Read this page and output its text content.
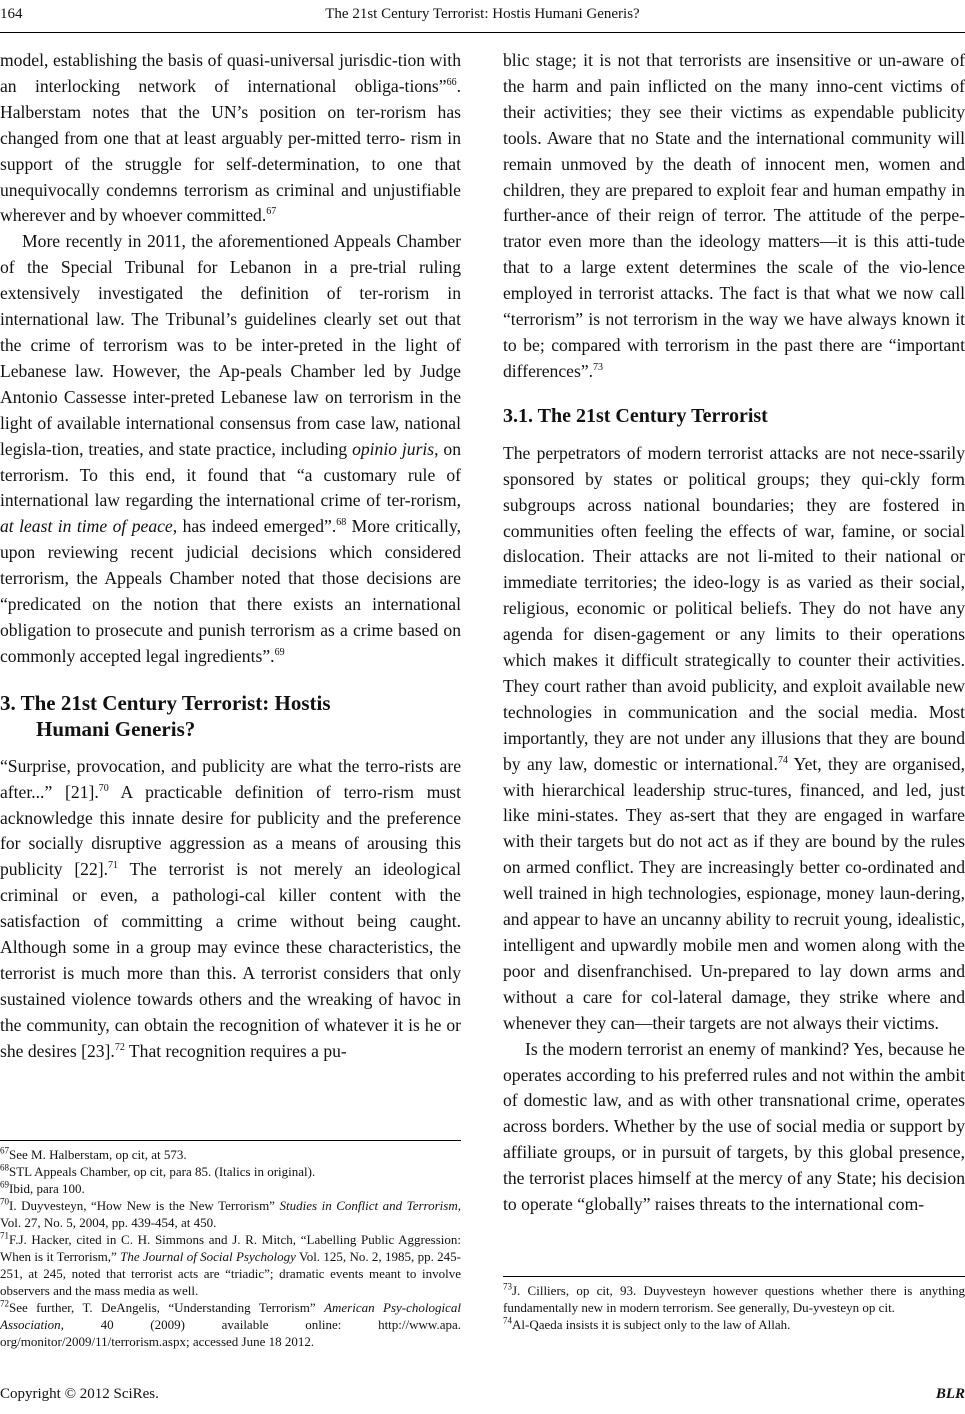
164	The 21st Century Terrorist: Hostis Humani Generis?

model, establishing the basis of quasi-universal jurisdic-tion with an interlocking network of international obliga-tions”$^{66}$. Halberstam notes that the UN’s position on ter-rorism has changed from one that at least arguably per-mitted terro- rism in support of the struggle for self-determination, to one that unequivocally condemns terrorism as criminal and unjustifiable wherever and by whoever committed.$^{67}$

More recently in 2011, the aforementioned Appeals Chamber of the Special Tribunal for Lebanon in a pre-trial ruling extensively investigated the definition of ter-rorism in international law. The Tribunal’s guidelines clearly set out that the crime of terrorism was to be inter-preted in the light of Lebanese law. However, the Ap-peals Chamber led by Judge Antonio Cassesse inter-preted Lebanese law on terrorism in the light of available international consensus from case law, national legisla-tion, treaties, and state practice, including opinio juris, on terrorism. To this end, it found that “a customary rule of international law regarding the international crime of ter-rorism, at least in time of peace, has indeed emerged”.$^{68}$ More critically, upon reviewing recent judicial decisions which considered terrorism, the Appeals Chamber noted that those decisions are “predicated on the notion that there exists an international obligation to prosecute and punish terrorism as a crime based on commonly accepted legal ingredients”.$^{69}$

3. The 21st Century Terrorist: Hostis
Humani Generis?

“Surprise, provocation, and publicity are what the terro-rists are after...” [21].$^{70}$ A practicable definition of terro-rism must acknowledge this innate desire for publicity and the preference for socially disruptive aggression as a means of arousing this publicity [22].$^{71}$ The terrorist is not merely an ideological criminal or even, a pathologi-cal killer content with the satisfaction of committing a crime without being caught. Although some in a group may evince these characteristics, the terrorist is much more than this. A terrorist considers that only sustained violence towards others and the wreaking of havoc in the community, can obtain the recognition of whatever it is he or she desires [23].$^{72}$ That recognition requires a pu-

$^{67}$See M. Halberstam, op cit, at 573.

$^{68}$STL Appeals Chamber, op cit, para 85. (Italics in original).

$^{69}$Ibid, para 100.

$^{70}$I. Duyvesteyn, “How New is the New Terrorism” Studies in Conflict and Terrorism, Vol. 27, No. 5, 2004, pp. 439-454, at 450.

$^{71}$F.J. Hacker, cited in C. H. Simmons and J. R. Mitch, “Labelling Public Aggression: When is it Terrorism,” The Journal of Social Psychology Vol. 125, No. 2, 1985, pp. 245-251, at 245, noted that terrorist acts are “triadic”; dramatic events meant to involve observers and the mass media as well.

$^{72}$See further, T. DeAngelis, “Understanding Terrorism” American Psy-chological Association, 40 (2009) available online: http://www.apa. org/monitor/2009/11/terrorism.aspx; accessed June 18 2012.

blic stage; it is not that terrorists are insensitive or un-aware of the harm and pain inflicted on the many inno-cent victims of their activities; they see their victims as expendable publicity tools. Aware that no State and the international community will remain unmoved by the death of innocent men, women and children, they are prepared to exploit fear and human empathy in further-ance of their reign of terror. The attitude of the perpe-trator even more than the ideology matters—it is this atti-tude that to a large extent determines the scale of the vio-lence employed in terrorist attacks. The fact is that what we now call “terrorism” is not terrorism in the way we have always known it to be; compared with terrorism in the past there are “important differences”.$^{73}$

3.1. The 21st Century Terrorist

The perpetrators of modern terrorist attacks are not nece-ssarily sponsored by states or political groups; they qui-ckly form subgroups across national boundaries; they are fostered in communities often feeling the effects of war, famine, or social dislocation. Their attacks are not li-mited to their national or immediate territories; the ideo-logy is as varied as their social, religious, economic or political beliefs. They do not have any agenda for disen-gagement or any limits to their operations which makes it difficult strategically to counter their activities. They court rather than avoid publicity, and exploit available new technologies in communication and the social media. Most importantly, they are not under any illusions that they are bound by any law, domestic or international.$^{74}$ Yet, they are organised, with hierarchical leadership struc-tures, financed, and led, just like mini-states. They as-sert that they are engaged in warfare with their targets but do not act as if they are bound by the rules on armed conflict. They are increasingly better co-ordinated and well trained in high technologies, espionage, money laun-dering, and appear to have an uncanny ability to recruit young, idealistic, intelligent and upwardly mobile men and women along with the poor and disenfranchised. Un-prepared to lay down arms and without a care for col-lateral damage, they strike where and whenever they can—their targets are not always their victims.

Is the modern terrorist an enemy of mankind? Yes, because he operates according to his preferred rules and not within the ambit of domestic law, and as with other transnational crime, operates across borders. Whether by the use of social media or support by affiliate groups, or in pursuit of targets, by this global presence, the terrorist places himself at the mercy of any State; his decision to operate “globally” raises threats to the international com-

$^{73}$J. Cilliers, op cit, 93. Duyvesteyn however questions whether there is anything fundamentally new in modern terrorism. See generally, Du-yvesteyn op cit.

$^{74}$Al-Qaeda insists it is subject only to the law of Allah.

Copyright © 2012 SciRes.	BLR
